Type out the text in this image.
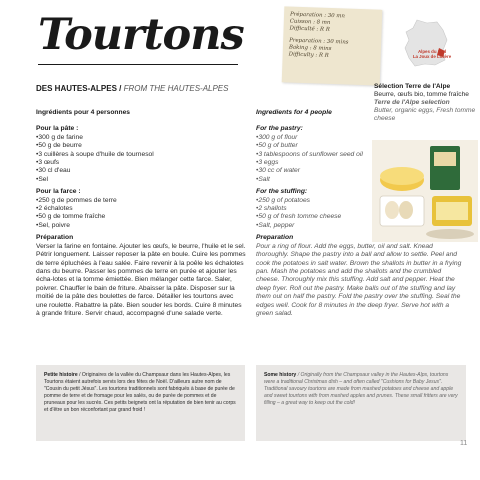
Tourtons	Préparation : 30 mn
Cuisson : 8 mn
Difficulté : R R
Preparation : 30 mins
Baking : 8 mins
Difficulty : R R
Alpes du Sud
La Joux de Lozère
DES HAUTES-ALPES / FROM THE HAUTES-ALPES	Sélection Terre de l'Alpe
Beurre, œufs bio, tomme fraîche
Terre de l'Alpe selection
Butter, organic eggs, Fresh tomme cheese
Ingrédients pour 4 personnes
Pour la pâte :
• 300 g de farine
• 50 g de beurre
• 3 cuillères à soupe d'huile de tournesol
• 3 œufs
• 30 cl d'eau
• Sel
Pour la farce :
• 250 g de pommes de terre
• 2 échalotes
• 50 g de tomme fraîche
• Sel, poivre
Préparation
Verser la farine en fontaine. Ajouter les œufs, le beurre, l'huile et le sel. Pétrir longuement. Laisser reposer la pâte en boule. Cuire les pommes de terre épluchées à l'eau salée. Faire revenir à la poêle les échalotes dans du beurre. Passer les pommes de terre en purée et ajouter les écha-lotes et la tomme émiettée. Bien mélanger cette farce. Saler, poivrer. Chauffer le bain de friture. Abaisser la pâte. Disposer sur la moitié de la pâte des boulettes de farce. Détailler les tourtons avec une roulette. Rabattre la pâte. Bien souder les bords. Cuire 8 minutes à grande friture. Servir chaud, accompagné d'une salade verte.
Ingredients for 4 people
For the pastry:
• 300 g of flour
• 50 g of butter
• 3 tablespoons of sunflower seed oil
• 3 eggs
• 30 cc of water
• Salt
For the stuffing:
• 250 g of potatoes
• 2 shallots
• 50 g of fresh tomme cheese
• Salt, pepper
Preparation
Pour a ring of flour. Add the eggs, butter, oil and salt. Knead thoroughly. Shape the pastry into a ball and allow to settle. Peel and cook the potatoes in salt water. Brown the shallots in butter in a frying pan. Mash the potatoes and add the shallots and the crumbled cheese. Thoroughly mix this stuffing. Add salt and pepper. Heat the deep fryer. Roll out the pastry. Make balls out of the stuffing and lay them out on half the pastry. Fold the pastry over the stuffing. Seal the edges well. Cook for 8 minutes in the deep fryer. Serve hot with a green salad.
Petite histoire / Originaires de la vallée du Champsaur dans les Hautes-Alpes, les Tourtons étaient autrefois servis lors des fêtes de Noël. D'ailleurs autre nom de "Cousin du petit Jésus". Les tourtons traditionnels sont fabriqués à base de purée de pomme de terre et de fromage pour les salés, ou de purée de pommes et de pruneaux pour les sucrés. Ces petits beignets ont la réputation de bien tenir au corps et d'être un bon réconfortant par grand froid !
Some history / Originally from the Champsaur valley in the Hautes-Alps, tourtons were a traditional Christmas dish – and often called "Cushions for Baby Jesus". Traditional savoury tourtons are made from mashed potatoes and cheese and apple and sweet tourtons with from mashed apples and prunes. These small fritters are very filling – a great way to keep out the cold!
11
